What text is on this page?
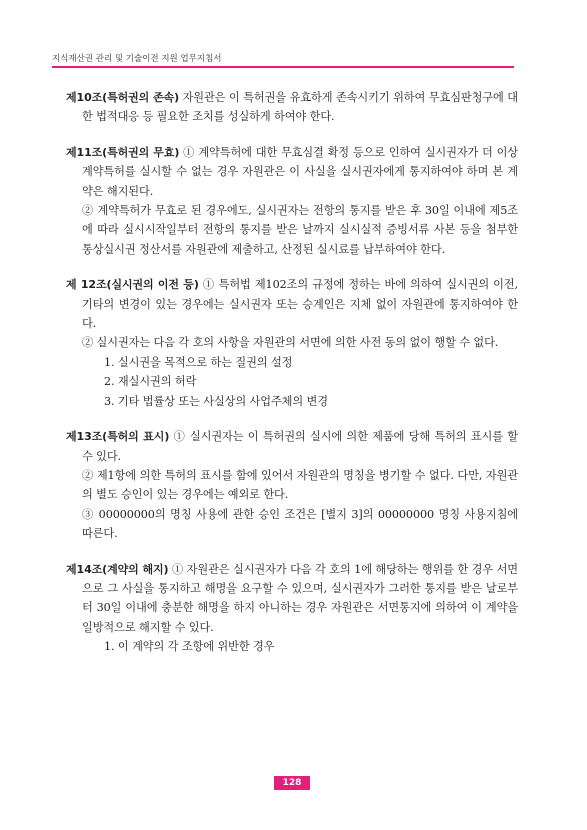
지식재산권 관리 및 기술이전 지원 업무지침서

제10조(특허권의 존속) 자원관은 이 특허권을 유효하게 존속시키기 위하여 무효심판청구에 대한 법적대응 등 필요한 조치를 성실하게 하여야 한다.

제11조(특허권의 무효) ① 계약특허에 대한 무효심결 확정 등으로 인하여 실시권자가 더 이상 계약특허를 실시할 수 없는 경우 자원관은 이 사실을 실시권자에게 통지하여야 하며 본 계약은 해지된다.

② 계약특허가 무효로 된 경우에도, 실시권자는 전항의 통지를 받은 후 30일 이내에 제5조에 따라 실시시작일부터 전항의 통지를 받은 날까지 실시실적 증빙서류 사본 등을 첨부한 통상실시권 정산서를 자원관에 제출하고, 산정된 실시료를 납부하여야 한다.

제 12조(실시권의 이전 등) ① 특허법 제102조의 규정에 정하는 바에 의하여 실시권의 이전, 기타의 변경이 있는 경우에는 실시권자 또는 승계인은 지체 없이 자원관에 통지하여야 한다.

② 실시권자는 다음 각 호의 사항을 자원관의 서면에 의한 사전 동의 없이 행할 수 없다.

1. 실시권을 목적으로 하는 질권의 설정
2. 재실시권의 허락
3. 기타 법률상 또는 사실상의 사업주체의 변경

제13조(특허의 표시) ① 실시권자는 이 특허권의 실시에 의한 제품에 당해 특허의 표시를 할 수 있다.

② 제1항에 의한 특허의 표시를 함에 있어서 자원관의 명칭을 병기할 수 없다. 다만, 자원관의 별도 승인이 있는 경우에는 예외로 한다.

③ 00000000의 명칭 사용에 관한 승인 조건은 [별지 3]의 00000000 명칭 사용지침에 따른다.

제14조(계약의 해지) ① 자원관은 실시권자가 다음 각 호의 1에 해당하는 행위를 한 경우 서면으로 그 사실을 통지하고 해명을 요구할 수 있으며, 실시권자가 그러한 통지를 받은 날로부터 30일 이내에 충분한 해명을 하지 아니하는 경우 자원관은 서면통지에 의하여 이 계약을 일방적으로 해지할 수 있다.

1. 이 계약의 각 조항에 위반한 경우
128
